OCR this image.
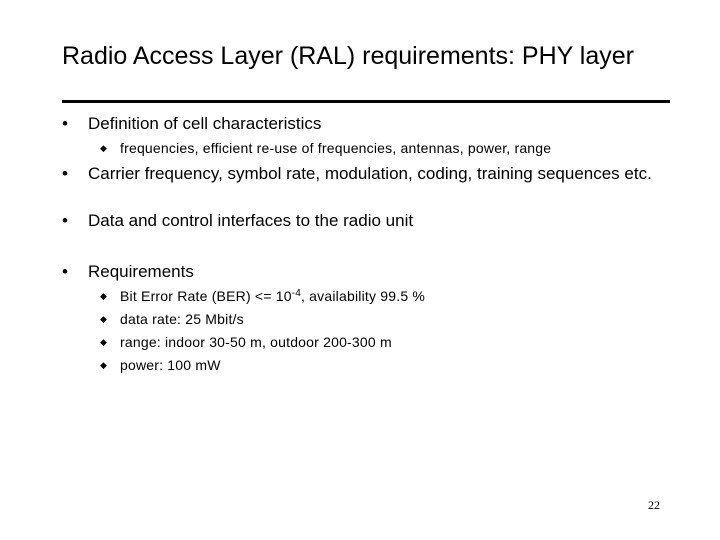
Radio Access Layer (RAL) requirements: PHY layer
• Definition of cell characteristics
◆ frequencies, efficient re-use of frequencies, antennas, power, range
• Carrier frequency, symbol rate, modulation, coding, training sequences etc.
• Data and control interfaces to the radio unit
• Requirements
◆ Bit Error Rate $(BER) <= 10^{-4}$, availability 99.5 %
◆ data rate: 25 Mbit/s
◆ range: indoor 30-50 m, outdoor 200-300 m
◆ power: 100 mW
22
